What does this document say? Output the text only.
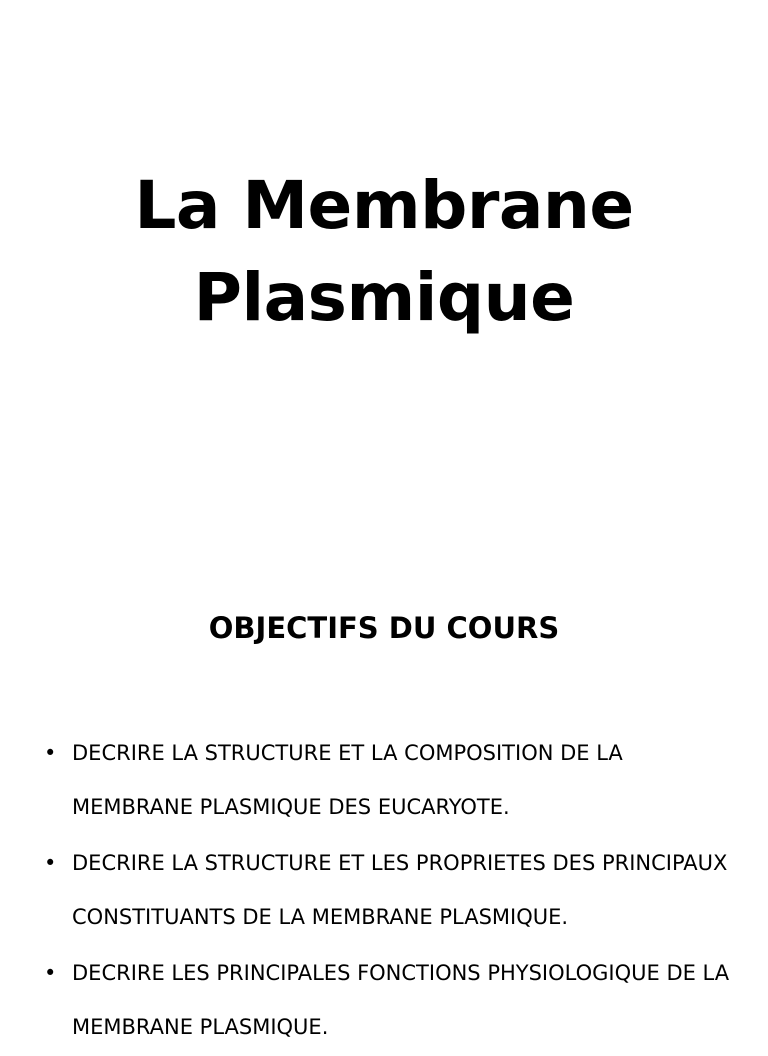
La Membrane Plasmique
OBJECTIFS DU COURS
• DECRIRE LA STRUCTURE ET LA COMPOSITION DE LA MEMBRANE PLASMIQUE DES EUCARYOTE.
• DECRIRE LA STRUCTURE ET LES PROPRIETES DES PRINCIPAUX CONSTITUANTS DE LA MEMBRANE PLASMIQUE.
• DECRIRE LES PRINCIPALES FONCTIONS PHYSIOLOGIQUE DE LA MEMBRANE PLASMIQUE.
